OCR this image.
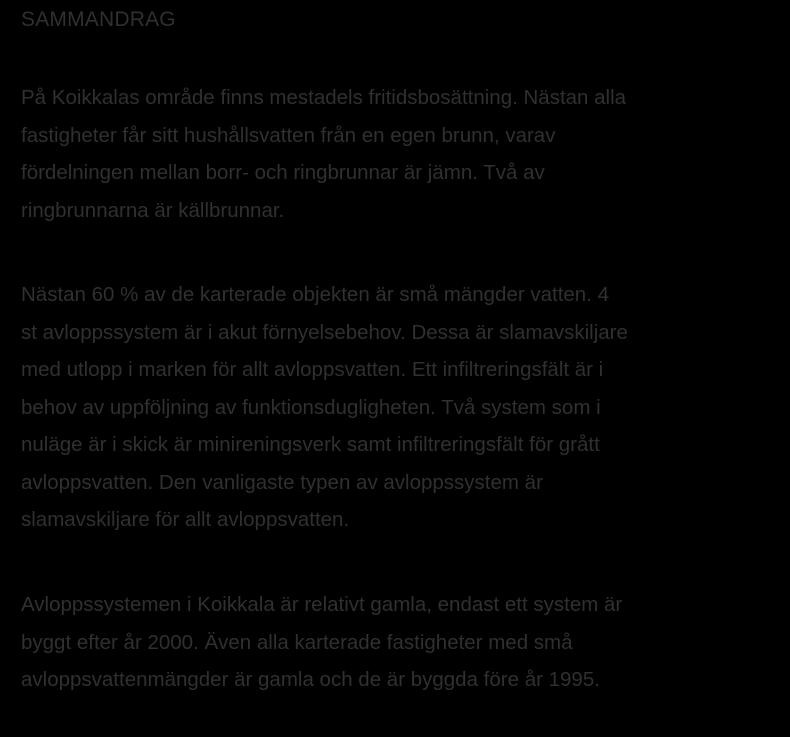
SAMMANDRAG

På Koikkalas område finns mestadels fritidsbosättning. Nästan alla
fastigheter får sitt hushållsvatten från en egen brunn, varav
fördelningen mellan borr- och ringbrunnar är jämn. Två av
ringbrunnarna är källbrunnar.

Nästan 60 % av de karterade objekten är små mängder vatten. 4
st avloppssystem är i akut förnyelsebehov. Dessa är slamavskiljare
med utlopp i marken för allt avloppsvatten. Ett infiltreringsfält är i
behov av uppföljning av funktionsdugligheten. Två system som i
nuläge är i skick är minireningsverk samt infiltreringsfält för grått
avloppsvatten. Den vanligaste typen av avloppssystem är
slamavskiljare för allt avloppsvatten.

Avloppssystemen i Koikkala är relativt gamla, endast ett system är
byggt efter år 2000. Även alla karterade fastigheter med små
avloppsvattenmängder är gamla och de är byggda före år 1995.
